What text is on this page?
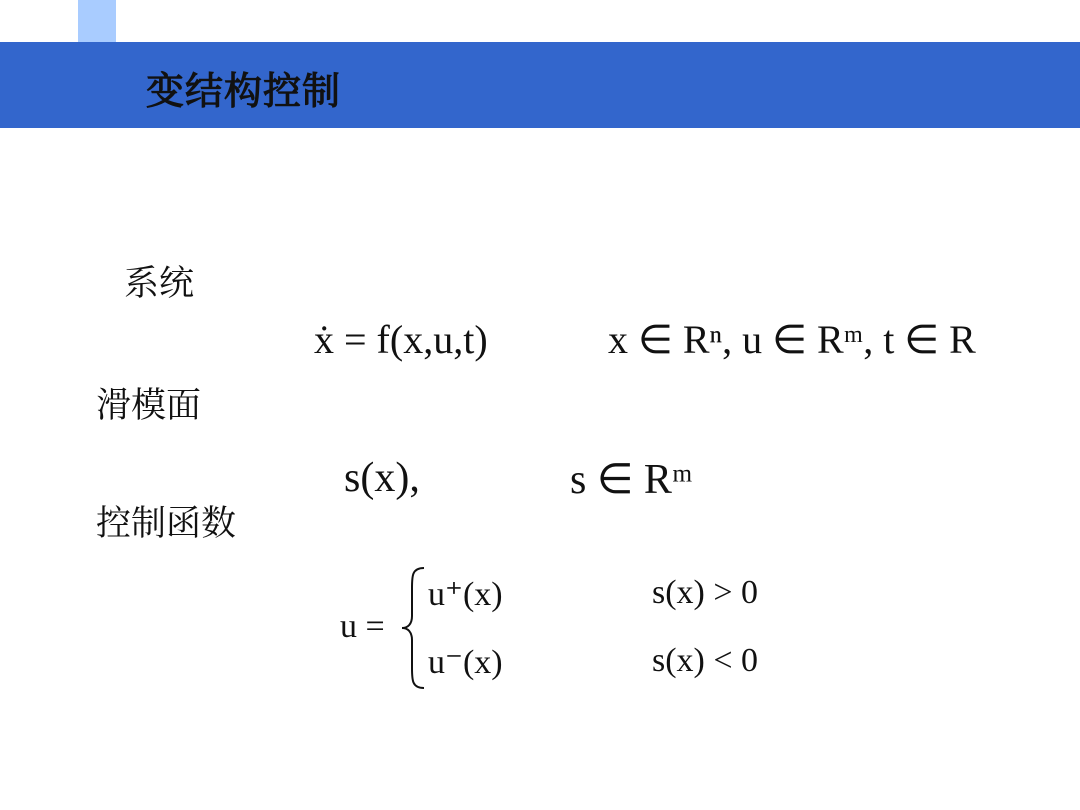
变结构控制
系统
滑模面
控制函数
ẋ = f(x,u,t)	x ∈ Rⁿ, u ∈ Rᵐ, t ∈ R
s(x),	s ∈ Rᵐ
u =
u⁺(x)
u⁻(x)
s(x) > 0
s(x) < 0
